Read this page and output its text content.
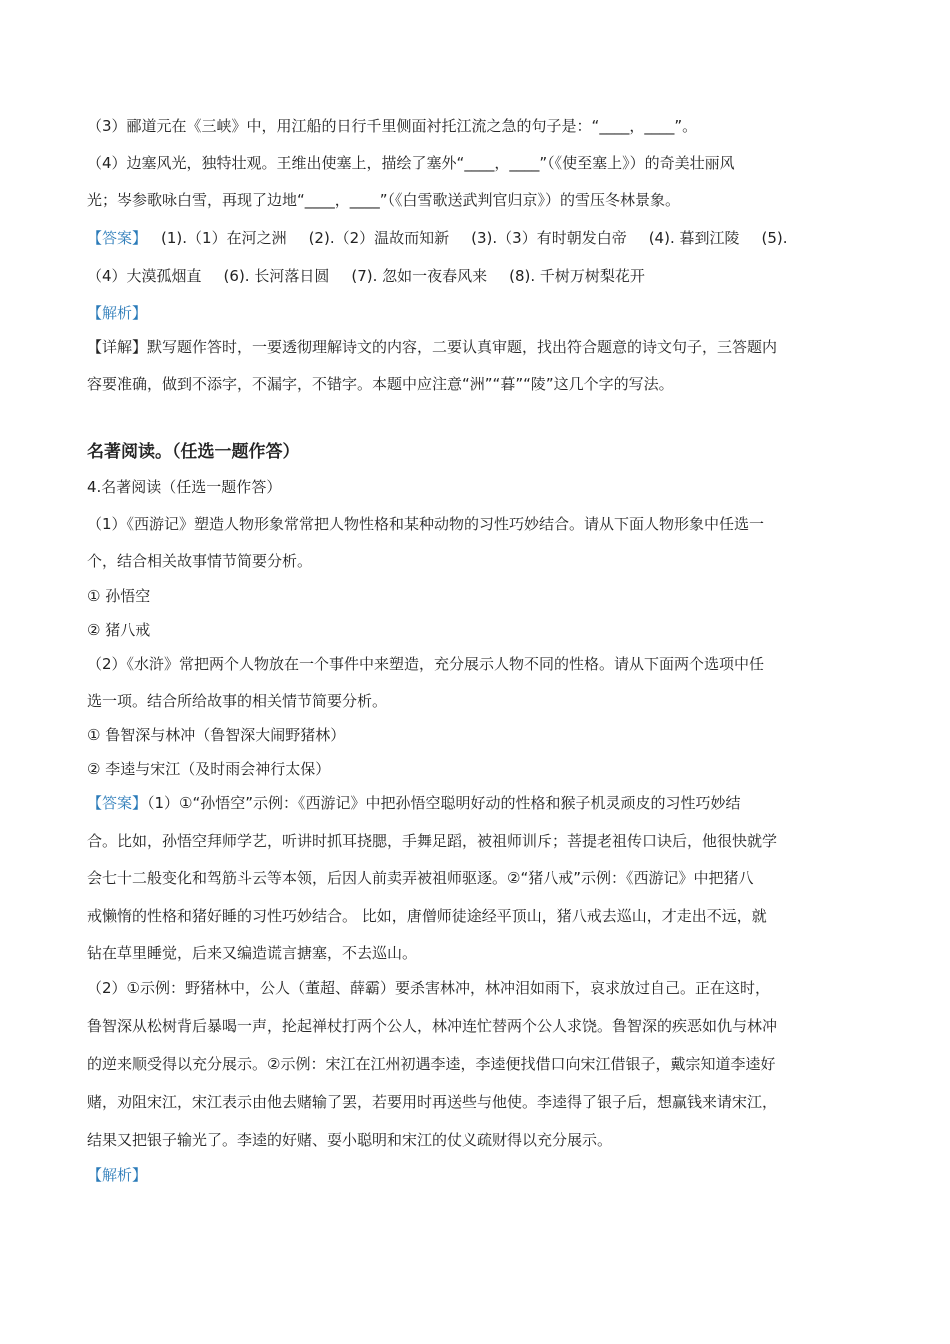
（3）郦道元在《三峡》中，用江船的日行千里侧面衬托江流之急的句子是：“____，____”。
（4）边塞风光，独特壮观。王维出使塞上，描绘了塞外“____，____”（《使至塞上》）的奇美壮丽风
光；岑参歌咏白雪，再现了边地“____，____”（《白雪歌送武判官归京》）的雪压冬林景象。
【答案】 (1).（1）在河之洲 (2).（2）温故而知新 (3).（3）有时朝发白帝 (4). 暮到江陵 (5).
（4）大漠孤烟直 (6). 长河落日圆 (7). 忽如一夜春风来 (8). 千树万树梨花开
【解析】
【详解】默写题作答时，一要透彻理解诗文的内容，二要认真审题，找出符合题意的诗文句子，三答题内
容要准确，做到不添字，不漏字，不错字。本题中应注意“洲”“暮”“陵”这几个字的写法。
名著阅读。（任选一题作答）
4.名著阅读（任选一题作答）
（1）《西游记》塑造人物形象常常把人物性格和某种动物的习性巧妙结合。请从下面人物形象中任选一
个，结合相关故事情节简要分析。
① 孙悟空
② 猪八戒
（2）《水浒》常把两个人物放在一个事件中来塑造，充分展示人物不同的性格。请从下面两个选项中任
选一项。结合所给故事的相关情节简要分析。
① 鲁智深与林冲（鲁智深大闹野猪林）
② 李逵与宋江（及时雨会神行太保）
【答案】（1）①“孙悟空”示例：《西游记》中把孙悟空聪明好动的性格和猴子机灵顽皮的习性巧妙结
合。比如，孙悟空拜师学艺，听讲时抓耳挠腮，手舞足蹈，被祖师训斥；菩提老祖传口诀后，他很快就学
会七十二般变化和驾筋斗云等本领，后因人前卖弄被祖师驱逐。②“猪八戒”示例：《西游记》中把猪八
戒懒惰的性格和猪好睡的习性巧妙结合。 比如，唐僧师徒途经平顶山，猪八戒去巡山，才走出不远，就
钻在草里睡觉，后来又编造谎言搪塞，不去巡山。
（2）①示例：野猪林中，公人（董超、薛霸）要杀害林冲，林冲泪如雨下，哀求放过自己。正在这时，
鲁智深从松树背后暴喝一声，抡起禅杖打两个公人，林冲连忙替两个公人求饶。鲁智深的疾恶如仇与林冲
的逆来顺受得以充分展示。②示例：宋江在江州初遇李逵，李逵便找借口向宋江借银子，戴宗知道李逵好
赌，劝阻宋江，宋江表示由他去赌输了罢，若要用时再送些与他使。李逵得了银子后，想赢钱来请宋江，
结果又把银子输光了。李逵的好赌、耍小聪明和宋江的仗义疏财得以充分展示。
【解析】
